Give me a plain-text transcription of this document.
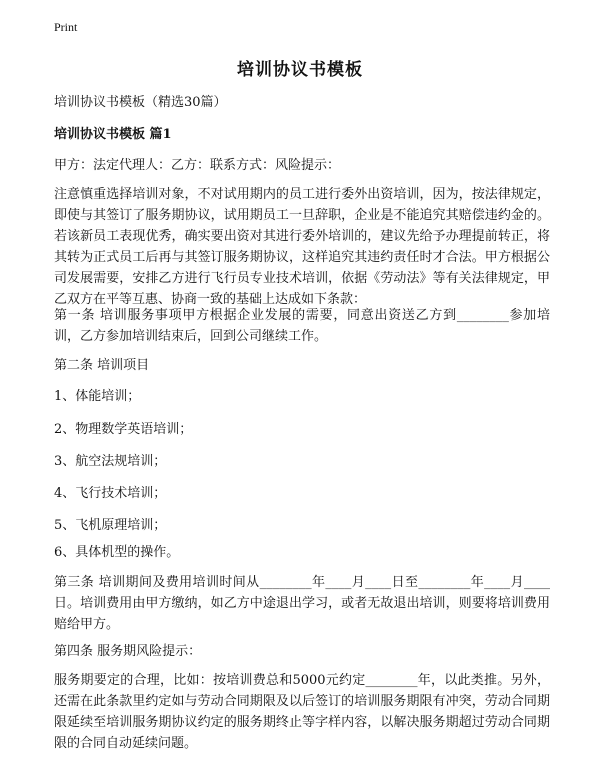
Print
培训协议书模板

培训协议书模板（精选30篇）

培训协议书模板 篇1

甲方：法定代理人：乙方：联系方式：风险提示：

注意慎重选择培训对象，不对试用期内的员工进行委外出资培训，因为，按法律规定，即使与其签订了服务期协议，试用期员工一旦辞职，企业是不能追究其赔偿违约金的。若该新员工表现优秀，确实要出资对其进行委外培训的，建议先给予办理提前转正，将其转为正式员工后再与其签订服务期协议，这样追究其违约责任时才合法。甲方根据公司发展需要，安排乙方进行飞行员专业技术培训，依据《劳动法》等有关法律规定，甲乙双方在平等互惠、协商一致的基础上达成如下条款：

第一条 培训服务事项甲方根据企业发展的需要，同意出资送乙方到________参加培训，乙方参加培训结束后，回到公司继续工作。

第二条 培训项目

1、体能培训；

2、物理数学英语培训；

3、航空法规培训；

4、飞行技术培训；

5、飞机原理培训；

6、具体机型的操作。

第三条 培训期间及费用培训时间从________年____月____日至________年____月____日。培训费用由甲方缴纳，如乙方中途退出学习，或者无故退出培训，则要将培训费用赔给甲方。

第四条 服务期风险提示：

服务期要定的合理，比如：按培训费总和5000元约定________年，以此类推。另外，还需在此条款里约定如与劳动合同期限及以后签订的培训服务期限有冲突，劳动合同期限延续至培训服务期协议约定的服务期终止等字样内容，以解决服务期超过劳动合同期限的合同自动延续问题。
